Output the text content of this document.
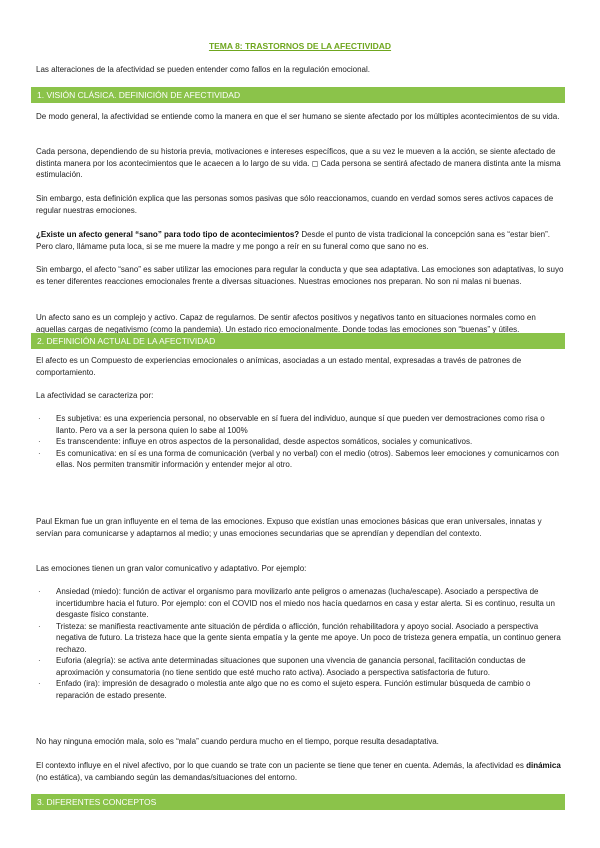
TEMA 8: TRASTORNOS DE LA AFECTIVIDAD

Las alteraciones de la afectividad se pueden entender como fallos en la regulación emocional.

1. VISIÓN CLÁSICA. DEFINICIÓN DE AFECTIVIDAD

De modo general, la afectividad se entiende como la manera en que el ser humano se siente afectado por los múltiples acontecimientos de su vida.

Cada persona, dependiendo de su historia previa, motivaciones e intereses específicos, que a su vez le mueven a la acción, se siente afectado de distinta manera por los acontecimientos que le acaecen a lo largo de su vida. ◻ Cada persona se sentirá afectado de manera distinta ante la misma estimulación.

Sin embargo, esta definición explica que las personas somos pasivas que sólo reaccionamos, cuando en verdad somos seres activos capaces de regular nuestras emociones.

¿Existe un afecto general “sano” para todo tipo de acontecimientos? Desde el punto de vista tradicional la concepción sana es “estar bien”. Pero claro, llámame puta loca, si se me muere la madre y me pongo a reír en su funeral como que sano no es.

Sin embargo, el afecto “sano” es saber utilizar las emociones para regular la conducta y que sea adaptativa. Las emociones son adaptativas, lo suyo es tener diferentes reacciones emocionales frente a diversas situaciones. Nuestras emociones nos preparan. No son ni malas ni buenas.

Un afecto sano es un complejo y activo. Capaz de regularnos. De sentir afectos positivos y negativos tanto en situaciones normales como en aquellas cargas de negativismo (como la pandemia). Un estado rico emocionalmente. Donde todas las emociones son “buenas” y útiles.

2. DEFINICIÓN ACTUAL DE LA AFECTIVIDAD

El afecto es un Compuesto de experiencias emocionales o anímicas, asociadas a un estado mental, expresadas a través de patrones de comportamiento.

La afectividad se caracteriza por:

· Es subjetiva: es una experiencia personal, no observable en sí fuera del individuo, aunque sí que pueden ver demostraciones como risa o llanto. Pero va a ser la persona quien lo sabe al 100%
· Es transcendente: influye en otros aspectos de la personalidad, desde aspectos somáticos, sociales y comunicativos.
· Es comunicativa: en sí es una forma de comunicación (verbal y no verbal) con el medio (otros). Sabemos leer emociones y comunicarnos con ellas. Nos permiten transmitir información y entender mejor al otro.

Paul Ekman fue un gran influyente en el tema de las emociones. Expuso que existían unas emociones básicas que eran universales, innatas y servían para comunicarse y adaptarnos al medio; y unas emociones secundarias que se aprendían y dependían del contexto.

Las emociones tienen un gran valor comunicativo y adaptativo. Por ejemplo:

· Ansiedad (miedo): función de activar el organismo para movilizarlo ante peligros o amenazas (lucha/escape). Asociado a perspectiva de incertidumbre hacia el futuro. Por ejemplo: con el COVID nos el miedo nos hacía quedarnos en casa y estar alerta. Si es continuo, resulta un desgaste físico constante.
· Tristeza: se manifiesta reactivamente ante situación de pérdida o aflicción, función rehabilitadora y apoyo social. Asociado a perspectiva negativa de futuro. La tristeza hace que la gente sienta empatía y la gente me apoye. Un poco de tristeza genera empatía, un continuo genera rechazo.
· Euforia (alegría): se activa ante determinadas situaciones que suponen una vivencia de ganancia personal, facilitación conductas de aproximación y consumatoria (no tiene sentido que esté mucho rato activa). Asociado a perspectiva satisfactoria de futuro.
· Enfado (ira): impresión de desagrado o molestia ante algo que no es como el sujeto espera. Función estimular búsqueda de cambio o reparación de estado presente.

No hay ninguna emoción mala, solo es “mala” cuando perdura mucho en el tiempo, porque resulta desadaptativa.

El contexto influye en el nivel afectivo, por lo que cuando se trate con un paciente se tiene que tener en cuenta. Además, la afectividad es dinámica (no estática), va cambiando según las demandas/situaciones del entorno.

3. DIFERENTES CONCEPTOS
